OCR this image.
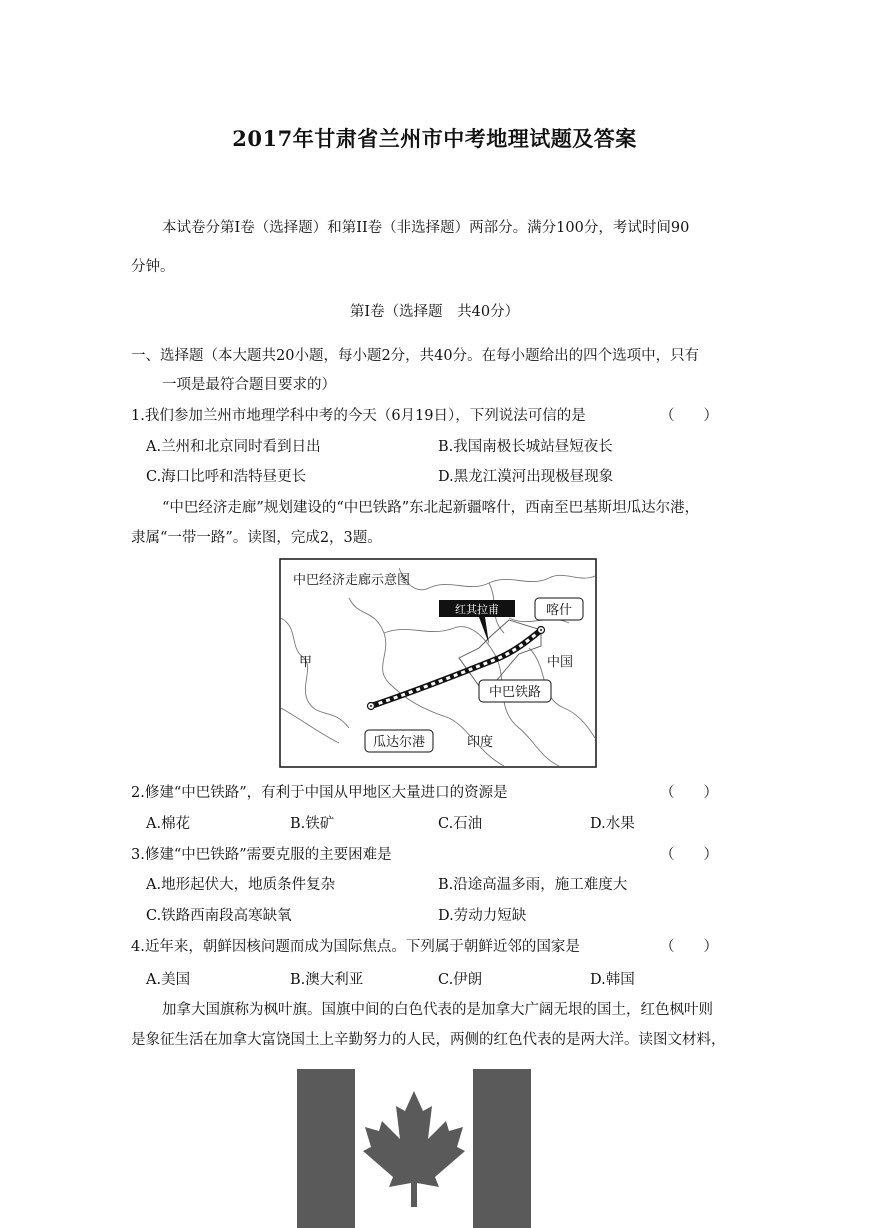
2017年甘肃省兰州市中考地理试题及答案
本试卷分第Ⅰ卷（选择题）和第II卷（非选择题）两部分。满分100分，考试时间90
分钟。
第Ⅰ卷（选择题　共40分）
一、选择题（本大题共20小题，每小题2分，共40分。在每小题给出的四个选项中，只有
一项是最符合题目要求的）
1.我们参加兰州市地理学科中考的今天（6月19日），下列说法可信的是	（　　）
A.兰州和北京同时看到日出	B.我国南极长城站昼短夜长
C.海口比呼和浩特昼更长	D.黑龙江漠河出现极昼现象
“中巴经济走廊”规划建设的“中巴铁路”东北起新疆喀什，西南至巴基斯坦瓜达尔港，
隶属“一带一路”。读图，完成2，3题。
中巴经济走廊示意图
红其拉甫	喀什
甲	中国
中巴铁路
瓜达尔港	印度
2.修建“中巴铁路”，有利于中国从甲地区大量进口的资源是	（　　）
A.棉花	B.铁矿	C.石油	D.水果
3.修建“中巴铁路”需要克服的主要困难是	（　　）
A.地形起伏大，地质条件复杂	B.沿途高温多雨，施工难度大
C.铁路西南段高寒缺氧	D.劳动力短缺
4.近年来，朝鲜因核问题而成为国际焦点。下列属于朝鲜近邻的国家是	（　　）
A.美国	B.澳大利亚	C.伊朗	D.韩国
加拿大国旗称为枫叶旗。国旗中间的白色代表的是加拿大广阔无垠的国土，红色枫叶则
是象征生活在加拿大富饶国土上辛勤努力的人民，两侧的红色代表的是两大洋。读图文材料，
